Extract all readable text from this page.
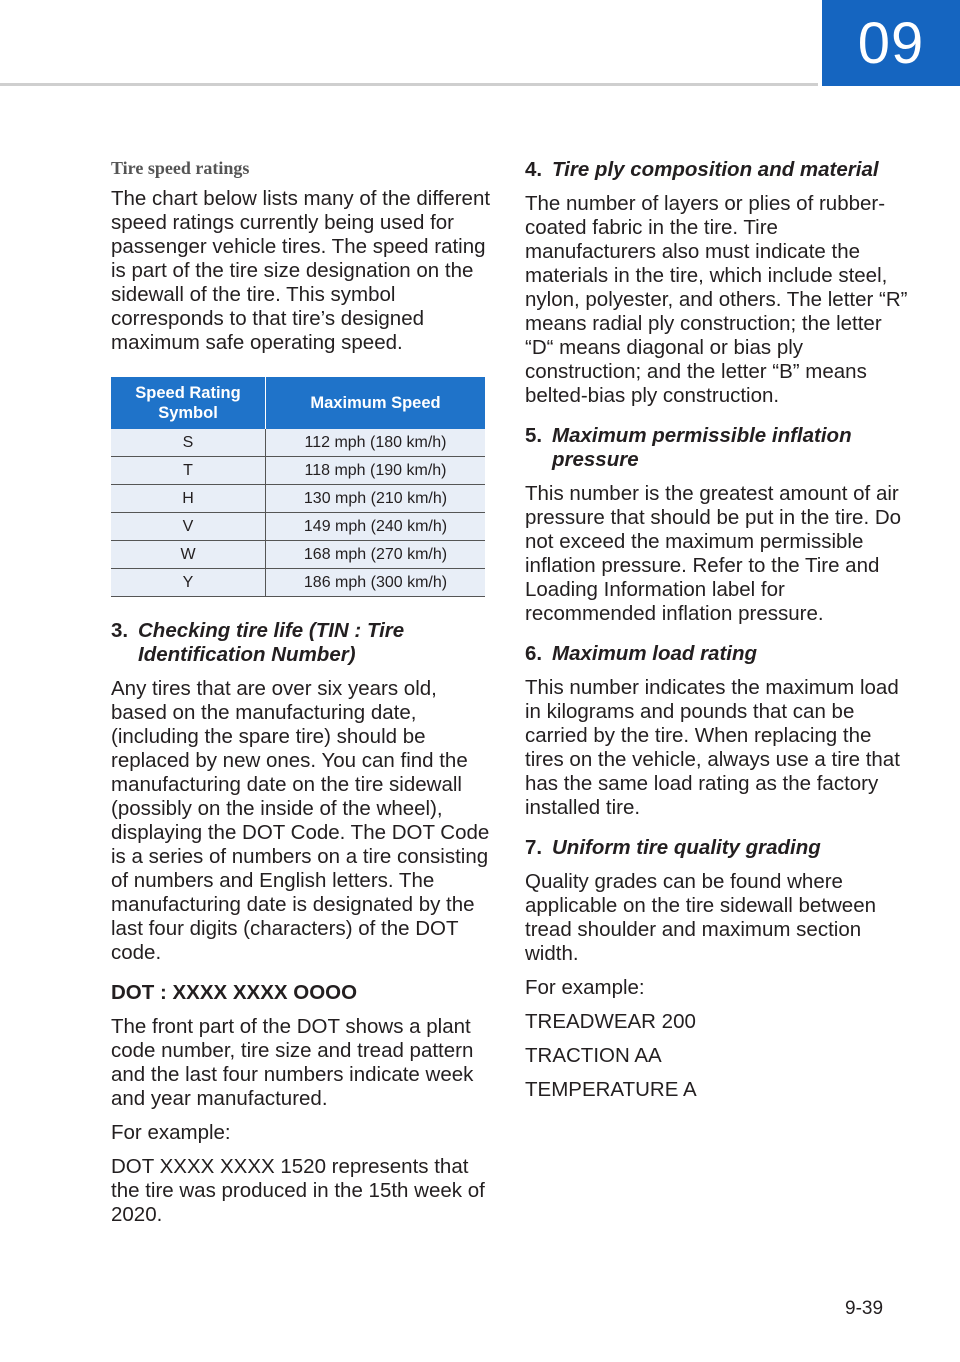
09
Tire speed ratings

The chart below lists many of the different speed ratings currently being used for passenger vehicle tires. The speed rating is part of the tire size designation on the sidewall of the tire. This symbol corresponds to that tire’s designed maximum safe operating speed.

Speed Rating Symbol	Maximum Speed
S	112 mph (180 km/h)
T	118 mph (190 km/h)
H	130 mph (210 km/h)
V	149 mph (240 km/h)
W	168 mph (270 km/h)
Y	186 mph (300 km/h)
3. Checking tire life (TIN : Tire Identification Number)

Any tires that are over six years old, based on the manufacturing date, (including the spare tire) should be replaced by new ones. You can find the manufacturing date on the tire sidewall (possibly on the inside of the wheel), displaying the DOT Code. The DOT Code is a series of numbers on a tire consisting of numbers and English letters. The manufacturing date is designated by the last four digits (characters) of the DOT code.

DOT : XXXX XXXX OOOO

The front part of the DOT shows a plant code number, tire size and tread pattern and the last four numbers indicate week and year manufactured.

For example:

DOT XXXX XXXX 1520 represents that the tire was produced in the 15th week of 2020.

4. Tire ply composition and material

The number of layers or plies of rubber-coated fabric in the tire. Tire manufacturers also must indicate the materials in the tire, which include steel, nylon, polyester, and others. The letter “R” means radial ply construction; the letter “D“ means diagonal or bias ply construction; and the letter “B” means belted-bias ply construction.

5. Maximum permissible inflation pressure

This number is the greatest amount of air pressure that should be put in the tire. Do not exceed the maximum permissible inflation pressure. Refer to the Tire and Loading Information label for recommended inflation pressure.

6. Maximum load rating

This number indicates the maximum load in kilograms and pounds that can be carried by the tire. When replacing the tires on the vehicle, always use a tire that has the same load rating as the factory installed tire.

7. Uniform tire quality grading

Quality grades can be found where applicable on the tire sidewall between tread shoulder and maximum section width.

For example:

TREADWEAR 200

TRACTION AA

TEMPERATURE A

9-39
